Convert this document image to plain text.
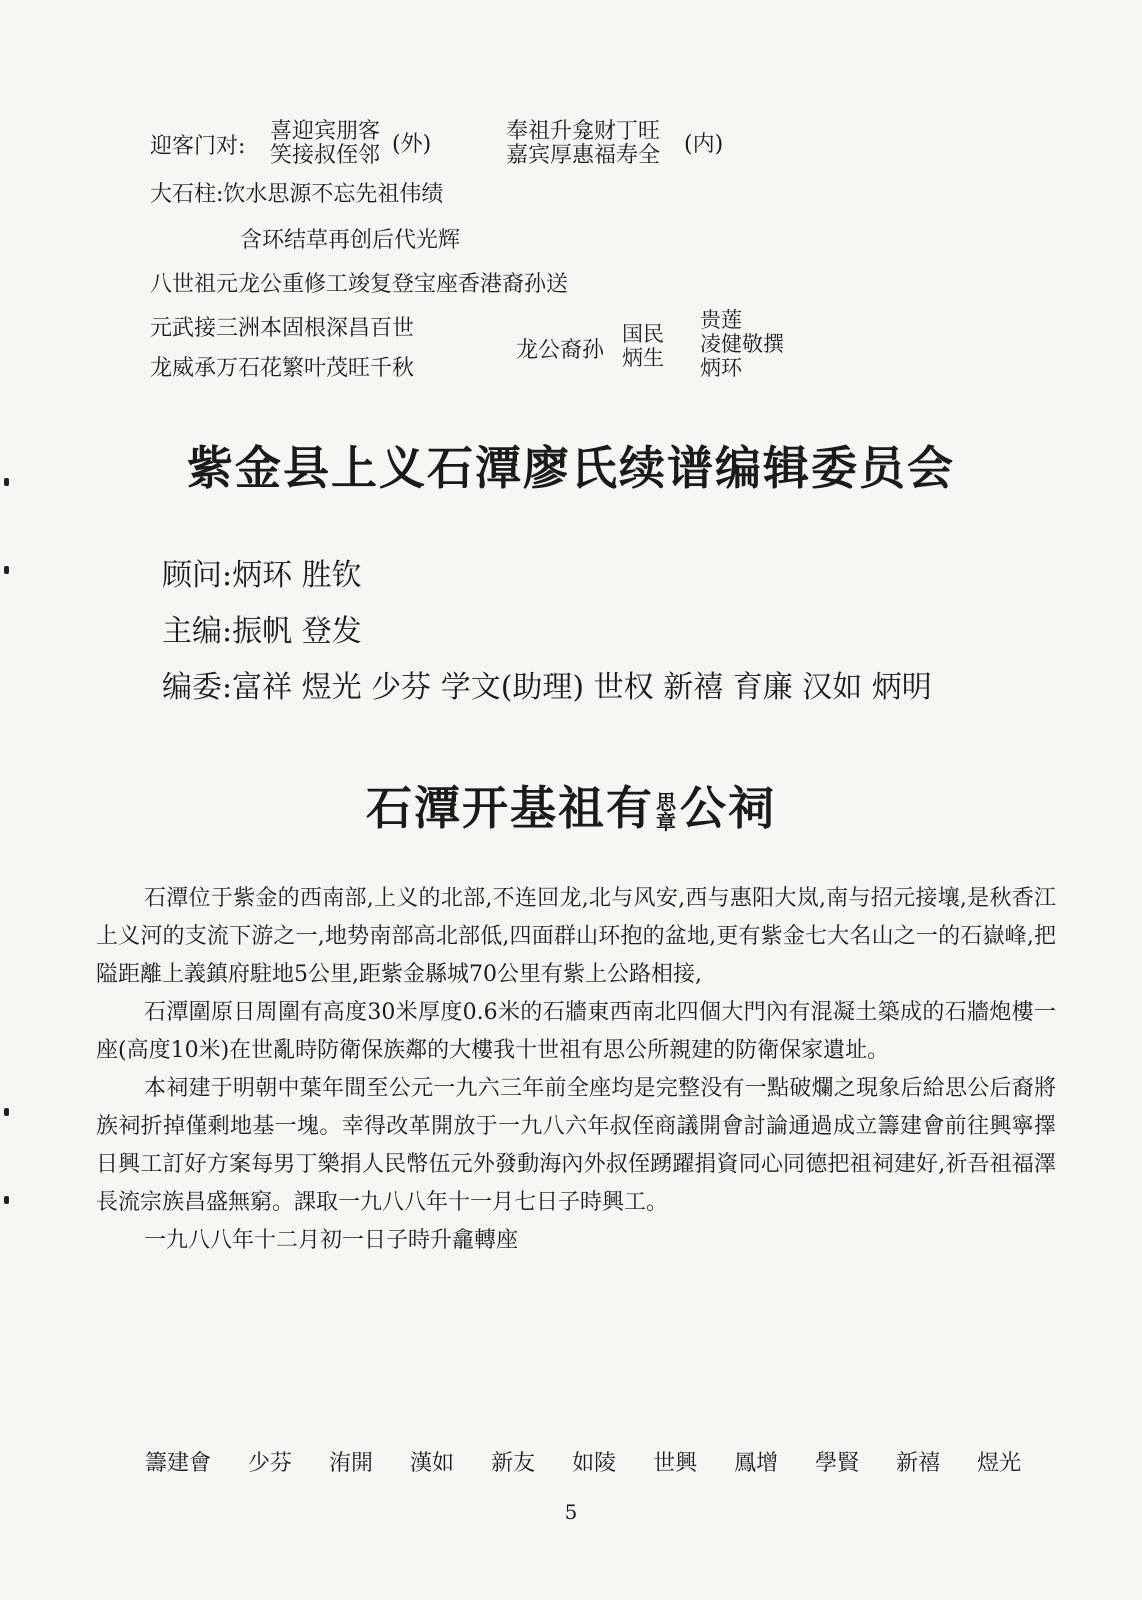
迎客门对:
喜迎宾朋客
笑接叔侄邻 (外)
奉祖升龛财丁旺
嘉宾厚惠福寿全 (内)
大石柱:饮水思源不忘先祖伟绩
含环结草再创后代光辉
八世祖元龙公重修工竣复登宝座香港裔孙送
元武接三洲本固根深昌百世
龙威承万石花繁叶茂旺千秋
龙公裔孙
国民
炳生
贵莲
凌健敬撰
炳环
紫金县上义石潭廖氏续谱编辑委员会
顾问:炳环 胜钦
主编:振帆 登发
编委:富祥 煜光 少芬 学文(助理) 世权 新禧 育廉 汉如 炳明
石潭开基祖有 思
章 公祠

石潭位于紫金的西南部,上义的北部,不连回龙,北与风安,西与惠阳大岚,南与招元接壤,是秋香江上义河的支流下游之一,地势南部高北部低,四面群山环抱的盆地,更有紫金七大名山之一的石嶽峰,把隘距離上義鎮府駐地5公里,距紫金縣城70公里有紫上公路相接,

石潭圍原日周圍有高度30米厚度0.6米的石牆東西南北四個大門內有混凝土築成的石牆炮樓一座(高度10米)在世亂時防衛保族鄰的大樓我十世祖有思公所親建的防衛保家遺址。

本祠建于明朝中葉年間至公元一九六三年前全座均是完整没有一點破爛之現象后給思公后裔將族祠折掉僅剩地基一塊。幸得改革開放于一九八六年叔侄商議開會討論通過成立籌建會前往興寧擇日興工訂好方案每男丁樂捐人民幣伍元外發動海內外叔侄踴躍捐資同心同德把祖祠建好,祈吾祖福澤長流宗族昌盛無窮。課取一九八八年十一月七日子時興工。

一九八八年十二月初一日子時升龕轉座

籌建會 少芬 洧開 漢如 新友 如陵 世興 鳳增 學賢 新禧 煜光
5
